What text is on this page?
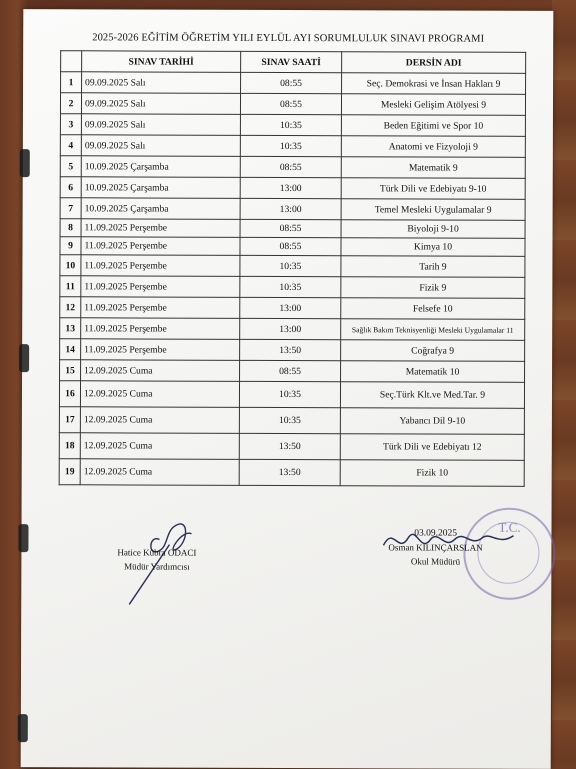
2025-2026 EĞİTİM ÖĞRETİM YILI EYLÜL AYI SORUMLULUK SINAVI PROGRAMI
	SINAV TARİHİ	SINAV SAATİ	DERSİN ADI
1	09.09.2025 Salı	08:55	Seç. Demokrasi ve İnsan Hakları 9
2	09.09.2025 Salı	08:55	Mesleki Gelişim Atölyesi 9
3	09.09.2025 Salı	10:35	Beden Eğitimi ve Spor 10
4	09.09.2025 Salı	10:35	Anatomi ve Fizyoloji 9
5	10.09.2025 Çarşamba	08:55	Matematik 9
6	10.09.2025 Çarşamba	13:00	Türk Dili ve Edebiyatı 9-10
7	10.09.2025 Çarşamba	13:00	Temel Mesleki Uygulamalar 9
8	11.09.2025 Perşembe	08:55	Biyoloji 9-10
9	11.09.2025 Perşembe	08:55	Kimya 10
10	11.09.2025 Perşembe	10:35	Tarih 9
11	11.09.2025 Perşembe	10:35	Fizik 9
12	11.09.2025 Perşembe	13:00	Felsefe 10
13	11.09.2025 Perşembe	13:00	Sağlık Bakım Teknisyenliği Mesleki Uygulamalar 11
14	11.09.2025 Perşembe	13:50	Coğrafya 9
15	12.09.2025 Cuma	08:55	Matematik 10
16	12.09.2025 Cuma	10:35	Seç.Türk Klt.ve Med.Tar. 9
17	12.09.2025 Cuma	10:35	Yabancı Dil 9-10
18	12.09.2025 Cuma	13:50	Türk Dili ve Edebiyatı 12
19	12.09.2025 Cuma	13:50	Fizik 10
Hatice Kübra ODACI
Müdür Yardımcısı
T.C.
03.09.2025
Osman KILINÇARSLAN
Okul Müdürü
